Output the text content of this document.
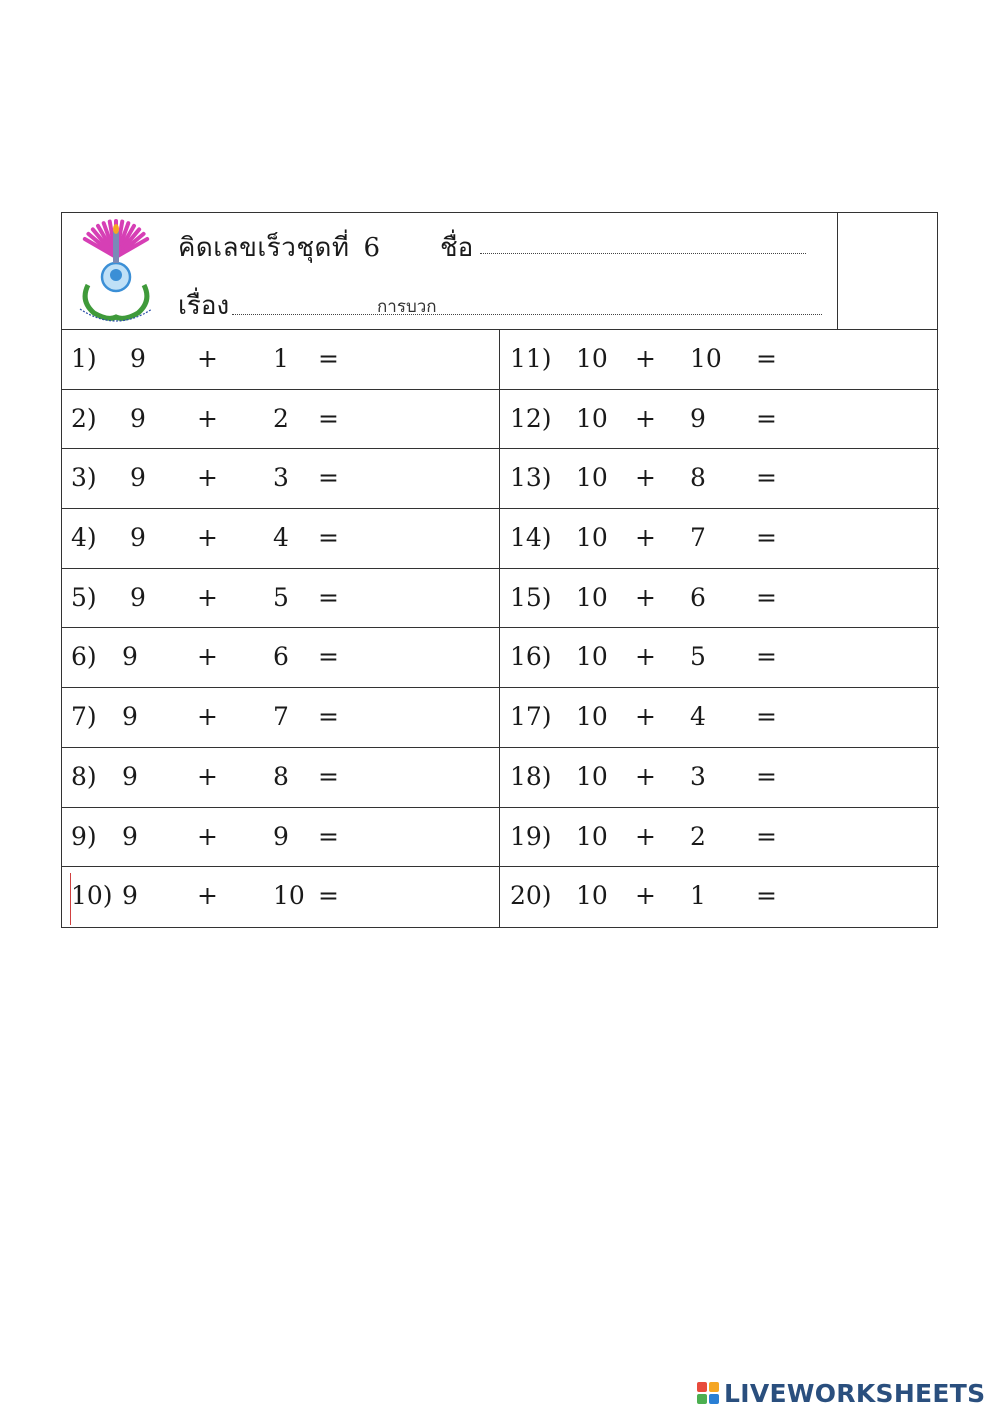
คิดเลขเร็วชุดที่ 6 ชื่อ
เรื่อง	การบวก
1) 9 + 1 =	11) 10 + 10 =
2) 9 + 2 =	12) 10 + 9 =
3) 9 + 3 =	13) 10 + 8 =
4) 9 + 4 =	14) 10 + 7 =
5) 9 + 5 =	15) 10 + 6 =
6) 9 + 6 =	16) 10 + 5 =
7) 9 + 7 =	17) 10 + 4 =
8) 9 + 8 =	18) 10 + 3 =
9) 9 + 9 =	19) 10 + 2 =
10) 9 + 10 =	20) 10 + 1 =
LIVEWORKSHEETS
